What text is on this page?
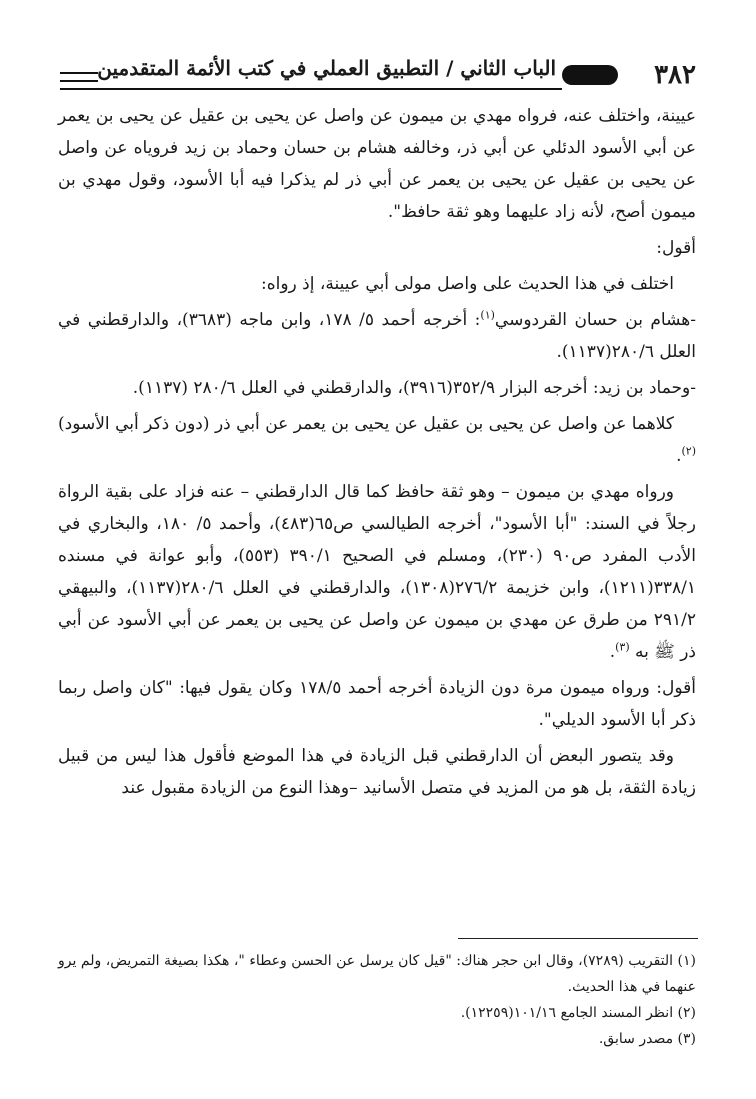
٣٨٢
الباب الثاني / التطبيق العملي في كتب الأئمة المتقدمين

عيينة، واختلف عنه، فرواه مهدي بن ميمون عن واصل عن يحيى بن عقيل عن يحيى بن يعمر عن أبي الأسود الدئلي عن أبي ذر، وخالفه هشام بن حسان وحماد بن زيد فروياه عن واصل عن يحيى بن عقيل عن يحيى بن يعمر عن أبي ذر لم يذكرا فيه أبا الأسود، وقول مهدي بن ميمون أصح، لأنه زاد عليهما وهو ثقة حافظ".

أقول:

اختلف في هذا الحديث على واصل مولى أبي عيينة، إذ رواه:

-هشام بن حسان القردوسي$^{(١)}$: أخرجه أحمد ٥/ ١٧٨، وابن ماجه (٣٦٨٣)، والدارقطني في العلل ٢٨٠/٦(١١٣٧).

-وحماد بن زيد: أخرجه البزار ٣٥٢/٩(٣٩١٦)، والدارقطني في العلل ٢٨٠/٦ (١١٣٧).

كلاهما عن واصل عن يحيى بن عقيل عن يحيى بن يعمر عن أبي ذر (دون ذكر أبي الأسود)$^{(٢)}$.

ورواه مهدي بن ميمون – وهو ثقة حافظ كما قال الدارقطني – عنه فزاد على بقية الرواة رجلاً في السند: "أبا الأسود"، أخرجه الطيالسي ص٦٥(٤٨٣)، وأحمد ٥/ ١٨٠، والبخاري في الأدب المفرد ص٩٠ (٢٣٠)، ومسلم في الصحيح ٣٩٠/١ (٥٥٣)، وأبو عوانة في مسنده ٣٣٨/١(١٢١١)، وابن خزيمة ٢٧٦/٢(١٣٠٨)، والدارقطني في العلل ٢٨٠/٦(١١٣٧)، والبيهقي ٢٩١/٢ من طرق عن مهدي بن ميمون عن واصل عن يحيى بن يعمر عن أبي الأسود عن أبي ذر ﷺ به $^{(٣)}$.

أقول: ورواه ميمون مرة دون الزيادة أخرجه أحمد ١٧٨/٥ وكان يقول فيها: "كان واصل ربما ذكر أبا الأسود الديلي".

وقد يتصور البعض أن الدارقطني قبل الزيادة في هذا الموضع فأقول هذا ليس من قبيل زيادة الثقة، بل هو من المزيد في متصل الأسانيد –وهذا النوع من الزيادة مقبول عند

(١) التقريب (٧٢٨٩)، وقال ابن حجر هناك: "قيل كان يرسل عن الحسن وعطاء "، هكذا بصيغة التمريض، ولم يرو عنهما في هذا الحديث.

(٢) انظر المسند الجامع ١٠١/١٦(١٢٢٥٩).

(٣) مصدر سابق.
